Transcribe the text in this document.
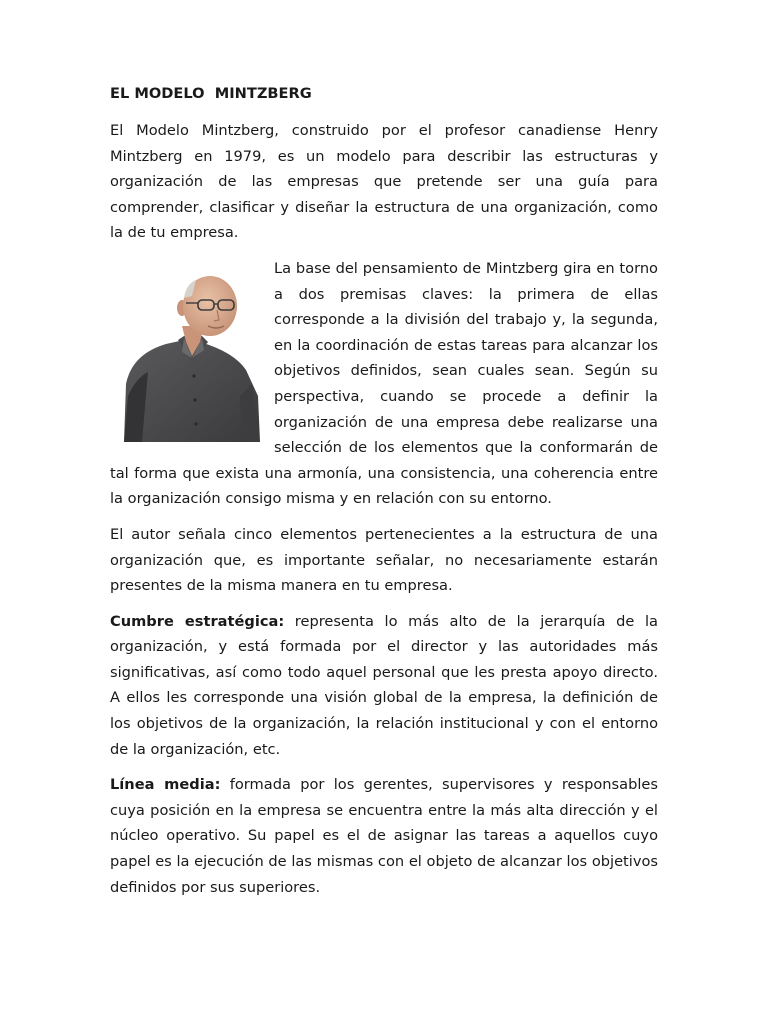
EL MODELO  MINTZBERG

El Modelo Mintzberg, construido por el profesor canadiense Henry Mintzberg en 1979, es un modelo para describir las estructuras y organización de las empresas que pretende ser una guía para comprender, clasificar y diseñar la estructura de una organización, como la de tu empresa.

La base del pensamiento de Mintzberg gira en torno a dos premisas claves: la primera de ellas corresponde a la división del trabajo y, la segunda, en la coordinación de estas tareas para alcanzar los objetivos definidos, sean cuales sean. Según su perspectiva, cuando se procede a definir la organización de una empresa debe realizarse una selección de los elementos que la conformarán de tal forma que exista una armonía, una consistencia, una coherencia entre la organización consigo misma y en relación con su entorno.

El autor señala cinco elementos pertenecientes a la estructura de una organización que, es importante señalar, no necesariamente estarán presentes de la misma manera en tu empresa.

Cumbre estratégica: representa lo más alto de la jerarquía de la organización, y está formada por el director y las autoridades más significativas, así como todo aquel personal que les presta apoyo directo. A ellos les corresponde una visión global de la empresa, la definición de los objetivos de la organización, la relación institucional y con el entorno de la organización, etc.

Línea media: formada por los gerentes, supervisores y responsables cuya posición en la empresa se encuentra entre la más alta dirección y el núcleo operativo. Su papel es el de asignar las tareas a aquellos cuyo papel es la ejecución de las mismas con el objeto de alcanzar los objetivos definidos por sus superiores.
